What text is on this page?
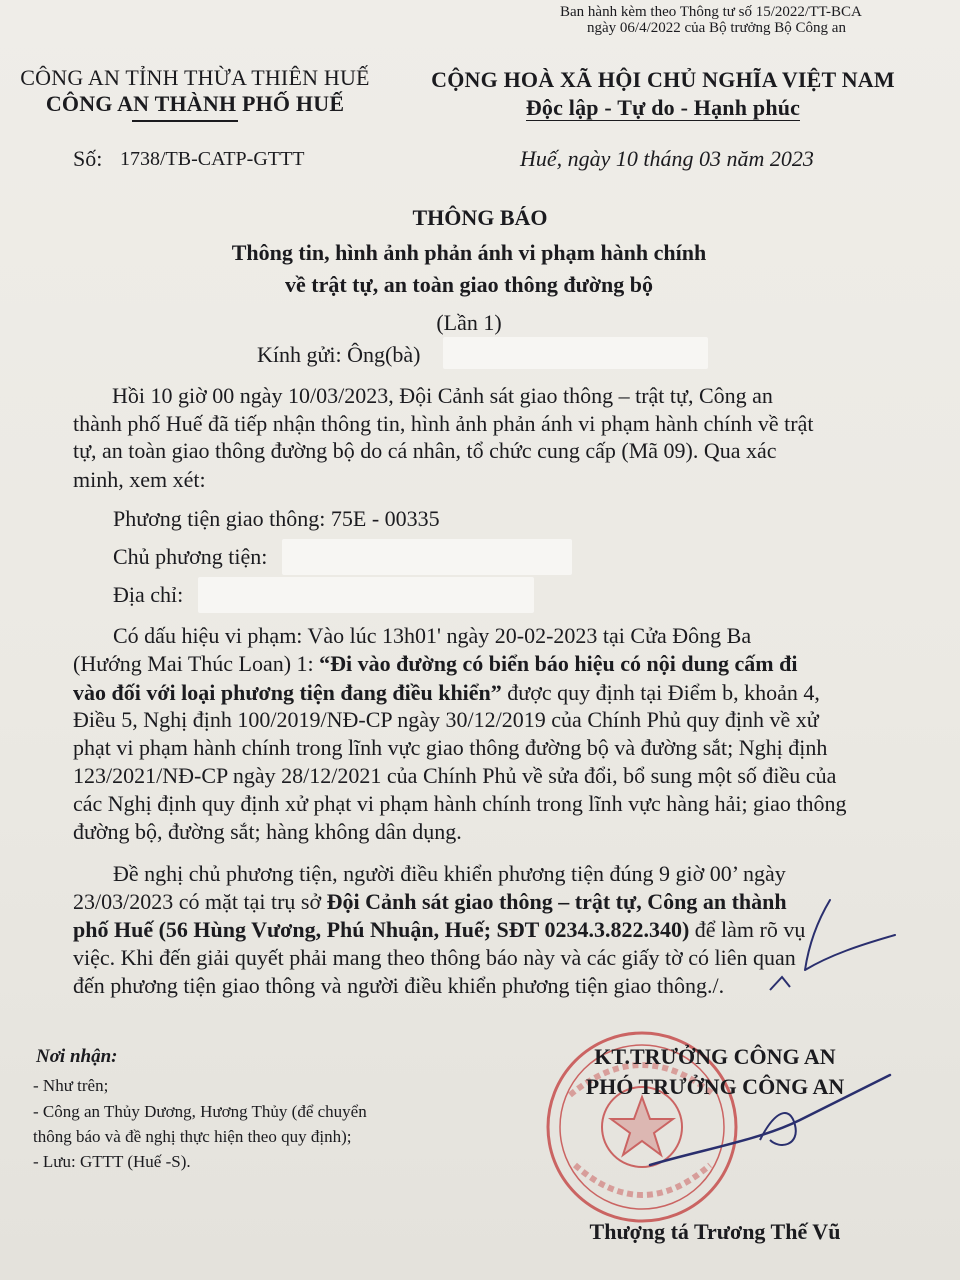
Ban hành kèm theo Thông tư số 15/2022/TT-BCA
ngày 06/4/2022 của Bộ trưởng Bộ Công an
CÔNG AN TỈNH THỪA THIÊN HUẾ
CÔNG AN THÀNH PHỐ HUẾ
CỘNG HOÀ XÃ HỘI CHỦ NGHĨA VIỆT NAM
Độc lập - Tự do - Hạnh phúc
Số: 1738/TB-CATP-GTTT	Huế, ngày 10 tháng 03 năm 2023
THÔNG BÁO
Thông tin, hình ảnh phản ánh vi phạm hành chính
về trật tự, an toàn giao thông đường bộ
(Lần 1)
Kính gửi: Ông(bà)
Hồi 10 giờ 00 ngày 10/03/2023, Đội Cảnh sát giao thông – trật tự, Công an
thành phố Huế đã tiếp nhận thông tin, hình ảnh phản ánh vi phạm hành chính về trật
tự, an toàn giao thông đường bộ do cá nhân, tổ chức cung cấp (Mã 09). Qua xác
minh, xem xét:
Phương tiện giao thông: 75E - 00335
Chủ phương tiện:
Địa chỉ:
Có dấu hiệu vi phạm: Vào lúc 13h01' ngày 20-02-2023 tại Cửa Đông Ba
(Hướng Mai Thúc Loan) 1: “Đi vào đường có biển báo hiệu có nội dung cấm đi
vào đối với loại phương tiện đang điều khiển” được quy định tại Điểm b, khoản 4,
Điều 5, Nghị định 100/2019/NĐ-CP ngày 30/12/2019 của Chính Phủ quy định về xử
phạt vi phạm hành chính trong lĩnh vực giao thông đường bộ và đường sắt; Nghị định
123/2021/NĐ-CP ngày 28/12/2021 của Chính Phủ về sửa đổi, bổ sung một số điều của
các Nghị định quy định xử phạt vi phạm hành chính trong lĩnh vực hàng hải; giao thông
đường bộ, đường sắt; hàng không dân dụng.
Đề nghị chủ phương tiện, người điều khiển phương tiện đúng 9 giờ 00’ ngày
23/03/2023 có mặt tại trụ sở Đội Cảnh sát giao thông – trật tự, Công an thành
phố Huế (56 Hùng Vương, Phú Nhuận, Huế; SĐT 0234.3.822.340) để làm rõ vụ
việc. Khi đến giải quyết phải mang theo thông báo này và các giấy tờ có liên quan
đến phương tiện giao thông và người điều khiển phương tiện giao thông./.
Nơi nhận:
- Như trên;
- Công an Thủy Dương, Hương Thủy (để chuyển
thông báo và đề nghị thực hiện theo quy định);
- Lưu: GTTT (Huế -S).
KT.TRƯỞNG CÔNG AN
PHÓ TRƯỞNG CÔNG AN
Thượng tá Trương Thế Vũ
